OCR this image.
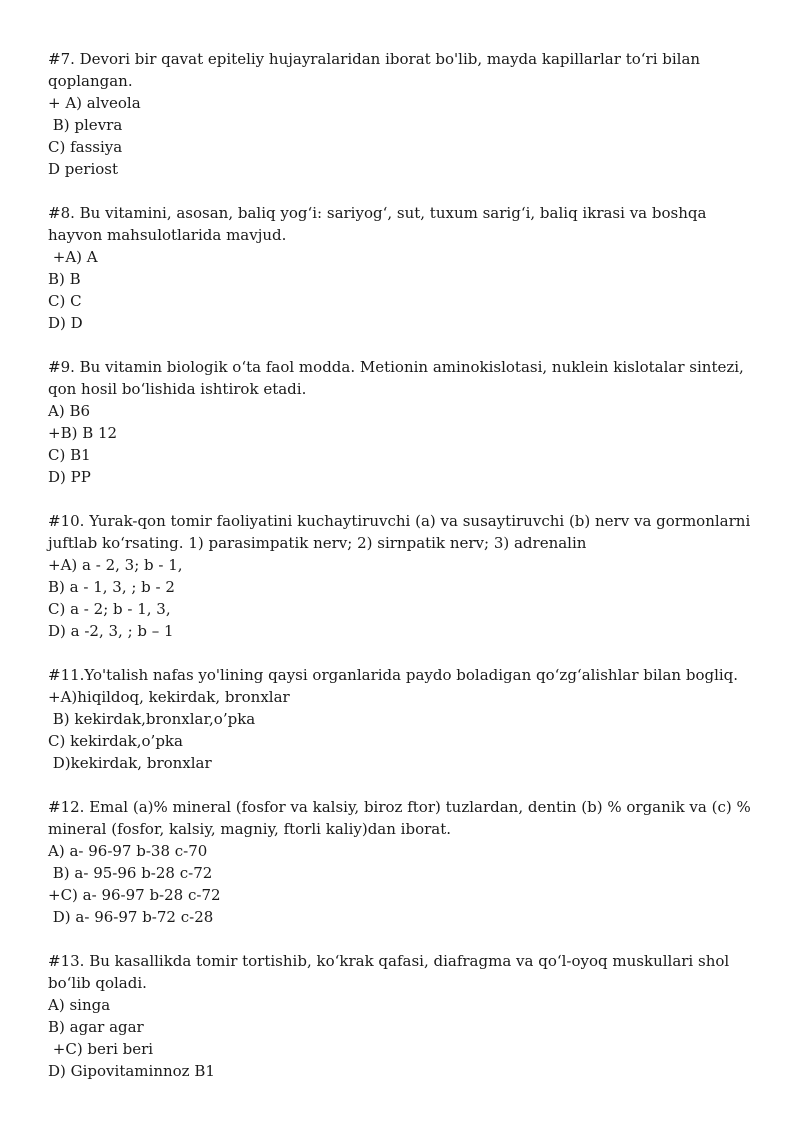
#7. Devori bir qavat epiteliy hujayralaridan iborat bo'lib, mayda kapillarlar to‘ri bilan qoplangan.

+ A) alveola

B) plevra

C) fassiya

D periost

#8. Bu vitamini, asosan, baliq yog‘i: sariyog‘, sut, tuxum sarig‘i, baliq ikrasi va boshqa hayvon mahsulotlarida mavjud.

+A) A

B) B

C) C

D) D

#9. Bu vitamin biologik o‘ta faol modda. Metionin aminokislotasi, nuklein kislotalar sintezi, qon hosil bo‘lishida ishtirok etadi.

A) B6

+B) B 12

C) B1

D) PP

#10. Yurak-qon tomir faoliyatini kuchaytiruvchi (a) va susaytiruvchi (b) nerv va gormonlarni juftlab ko‘rsating. 1) parasimpatik nerv; 2) sirnpatik nerv; 3) adrenalin

+A) a - 2, 3; b - 1,

B) a - 1, 3, ; b - 2

C) a - 2; b - 1, 3,

D) a -2, 3, ; b – 1

#11.Yo'talish nafas yo'lining qaysi organlarida paydo boladigan qo‘zg‘alishlar bilan bogliq.

+A)hiqildoq, kekirdak, bronxlar

B) kekirdak,bronxlar,o’pka

C) kekirdak,o’pka

D)kekirdak, bronxlar

#12. Emal (a)% mineral (fosfor va kalsiy, biroz ftor) tuzlardan, dentin (b) % organik va (c) % mineral (fosfor, kalsiy, magniy, ftorli kaliy)dan iborat.

A) a- 96-97 b-38 c-70

B) a- 95-96 b-28 c-72

+C) a- 96-97 b-28 c-72

D) a- 96-97 b-72 c-28

#13. Bu kasallikda tomir tortishib, ko‘krak qafasi, diafragma va qo‘l-oyoq muskullari shol bo‘lib qoladi.

A) singa

B) agar agar

+C) beri beri

D) Gipovitaminnoz B1
